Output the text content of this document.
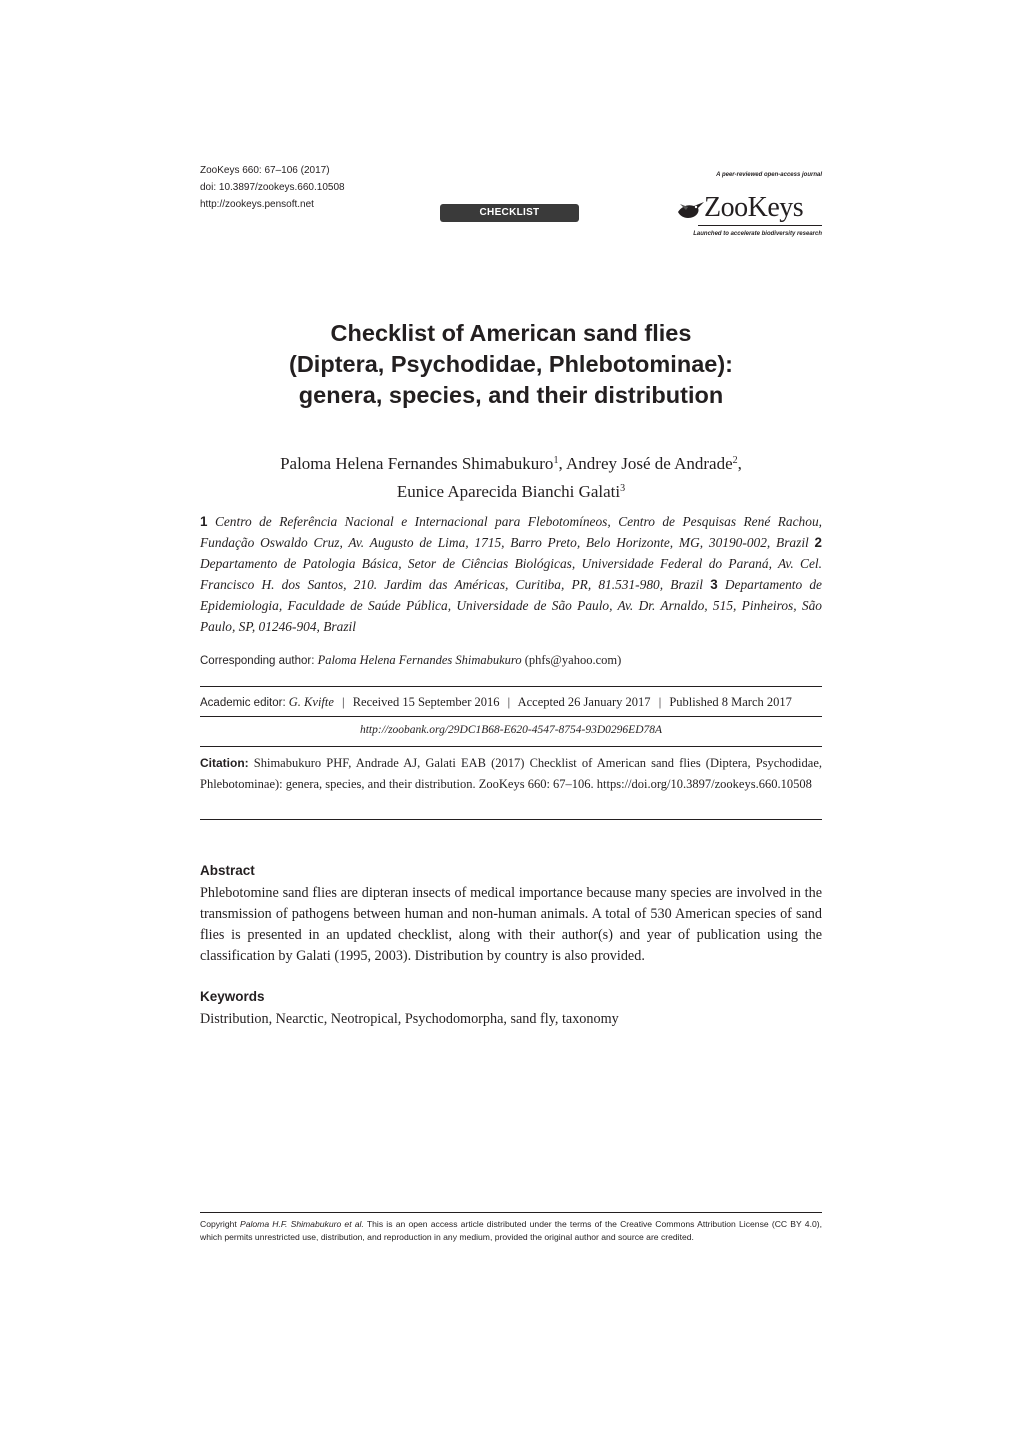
ZooKeys 660: 67–106 (2017)
doi: 10.3897/zookeys.660.10508
http://zookeys.pensoft.net
CHECKLIST
A peer-reviewed open-access journal
ZooKeys
Launched to accelerate biodiversity research
Checklist of American sand flies
(Diptera, Psychodidae, Phlebotominae):
genera, species, and their distribution
Paloma Helena Fernandes Shimabukuro$^1$, Andrey José de Andrade$^2$,
Eunice Aparecida Bianchi Galati$^3$

1 Centro de Referência Nacional e Internacional para Flebotomíneos, Centro de Pesquisas René Rachou, Fundação Oswaldo Cruz, Av. Augusto de Lima, 1715, Barro Preto, Belo Horizonte, MG, 30190-002, Brazil 2 Departamento de Patologia Básica, Setor de Ciências Biológicas, Universidade Federal do Paraná, Av. Cel. Francisco H. dos Santos, 210. Jardim das Américas, Curitiba, PR, 81.531-980, Brazil 3 Departamento de Epidemiologia, Faculdade de Saúde Pública, Universidade de São Paulo, Av. Dr. Arnaldo, 515, Pinheiros, São Paulo, SP, 01246-904, Brazil

Corresponding author: Paloma Helena Fernandes Shimabukuro (phfs@yahoo.com)
Academic editor: G. Kvifte | Received 15 September 2016 | Accepted 26 January 2017 | Published 8 March 2017
http://zoobank.org/29DC1B68-E620-4547-8754-93D0296ED78A
Citation: Shimabukuro PHF, Andrade AJ, Galati EAB (2017) Checklist of American sand flies (Diptera, Psychodidae, Phlebotominae): genera, species, and their distribution. ZooKeys 660: 67–106. https://doi.org/10.3897/zookeys.660.10508
Abstract
Phlebotomine sand flies are dipteran insects of medical importance because many species are involved in the transmission of pathogens between human and non-human animals. A total of 530 American species of sand flies is presented in an updated checklist, along with their author(s) and year of publication using the classification by Galati (1995, 2003). Distribution by country is also provided.
Keywords
Distribution, Nearctic, Neotropical, Psychodomorpha, sand fly, taxonomy
Copyright Paloma H.F. Shimabukuro et al. This is an open access article distributed under the terms of the Creative Commons Attribution License (CC BY 4.0), which permits unrestricted use, distribution, and reproduction in any medium, provided the original author and source are credited.
